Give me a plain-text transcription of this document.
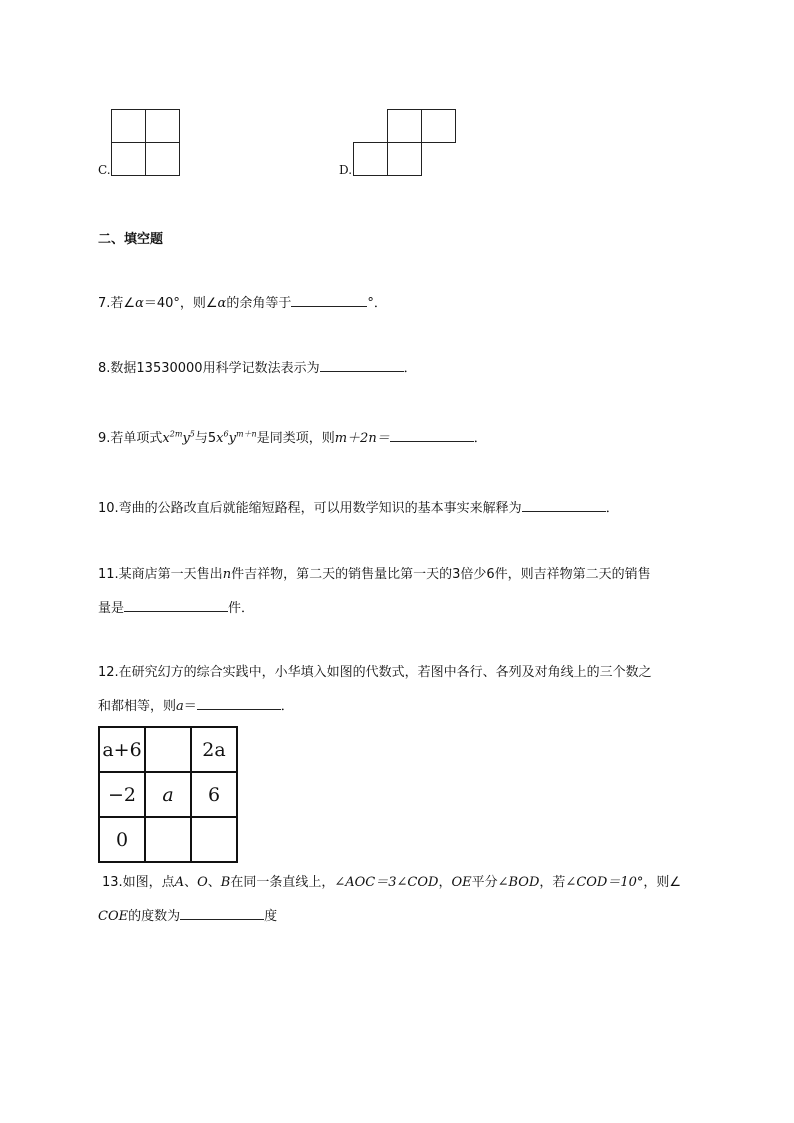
C.	D.
二、填空题
7.若∠α＝40°，则∠α的余角等于	°．
8.数据13530000用科学记数法表示为	．
9.若单项式$x^{2m}y^5$与$5x^6y^{m+n}$是同类项，则m＋2n＝	．
10.弯曲的公路改直后就能缩短路程，可以用数学知识的基本事实来解释为	．
11.某商店第一天售出n件吉祥物，第二天的销售量比第一天的3倍少6件，则吉祥物第二天的销售
量是	件．
12.在研究幻方的综合实践中，小华填入如图的代数式，若图中各行、各列及对角线上的三个数之
和都相等，则a＝	．
a+6		2a
−2	a	6
0		
13.如图，点A、O、B在同一条直线上，∠AOC＝3∠COD，OE平分∠BOD，若∠COD＝10°，则∠
COE的度数为	度
